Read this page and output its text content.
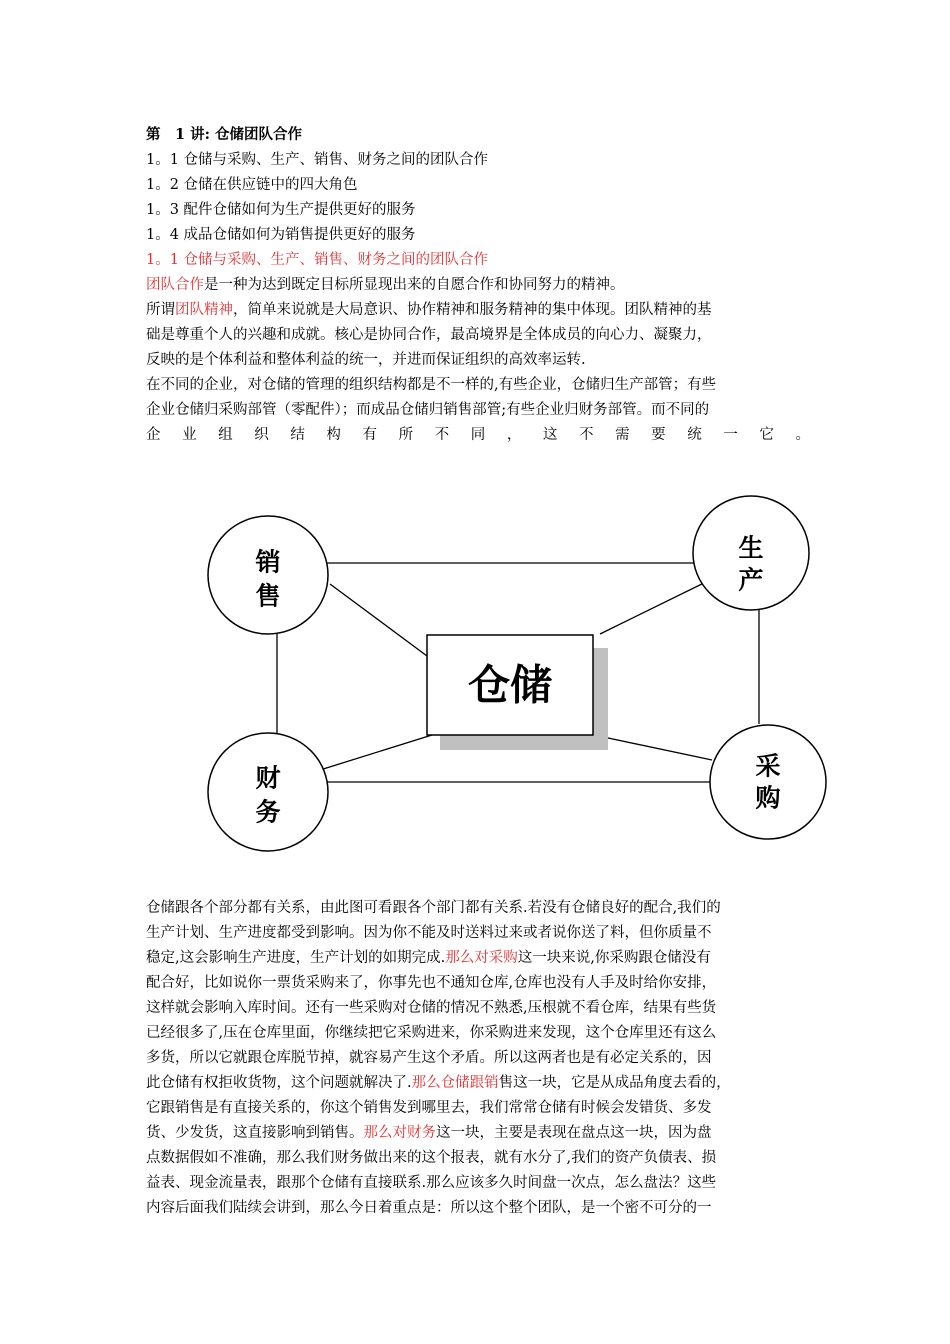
第　1 讲: 仓储团队合作
1。1 仓储与采购、生产、销售、财务之间的团队合作
1。2 仓储在供应链中的四大角色
1。3 配件仓储如何为生产提供更好的服务
1。4 成品仓储如何为销售提供更好的服务
1。1 仓储与采购、生产、销售、财务之间的团队合作
团队合作是一种为达到既定目标所显现出来的自愿合作和协同努力的精神。
所谓团队精神，简单来说就是大局意识、协作精神和服务精神的集中体现。团队精神的基
础是尊重个人的兴趣和成就。核心是协同合作，最高境界是全体成员的向心力、凝聚力，
反映的是个体利益和整体利益的统一，并进而保证组织的高效率运转.
在不同的企业，对仓储的管理的组织结构都是不一样的,有些企业，仓储归生产部管；有些
企业仓储归采购部管（零配件）；而成品仓储归销售部管;有些企业归财务部管。而不同的
企 业 组 织 结 构 有 所 不 同 ， 这 不 需 要 统 一 它 。
仓储
销
售
生
产
财
务
采
购
仓储跟各个部分都有关系，由此图可看跟各个部门都有关系.若没有仓储良好的配合,我们的
生产计划、生产进度都受到影响。因为你不能及时送料过来或者说你送了料，但你质量不
稳定,这会影响生产进度，生产计划的如期完成.那么对采购这一块来说,你采购跟仓储没有
配合好，比如说你一票货采购来了，你事先也不通知仓库,仓库也没有人手及时给你安排，
这样就会影响入库时间。还有一些采购对仓储的情况不熟悉,压根就不看仓库，结果有些货
已经很多了,压在仓库里面，你继续把它采购进来，你采购进来发现，这个仓库里还有这么
多货，所以它就跟仓库脱节掉，就容易产生这个矛盾。所以这两者也是有必定关系的，因
此仓储有权拒收货物，这个问题就解决了.那么仓储跟销售这一块，它是从成品角度去看的，
它跟销售是有直接关系的，你这个销售发到哪里去，我们常常仓储有时候会发错货、多发
货、少发货，这直接影响到销售。那么对财务这一块，主要是表现在盘点这一块，因为盘
点数据假如不准确，那么我们财务做出来的这个报表，就有水分了,我们的资产负债表、损
益表、现金流量表，跟那个仓储有直接联系.那么应该多久时间盘一次点，怎么盘法？这些
内容后面我们陆续会讲到，那么今日着重点是：所以这个整个团队，是一个密不可分的一
